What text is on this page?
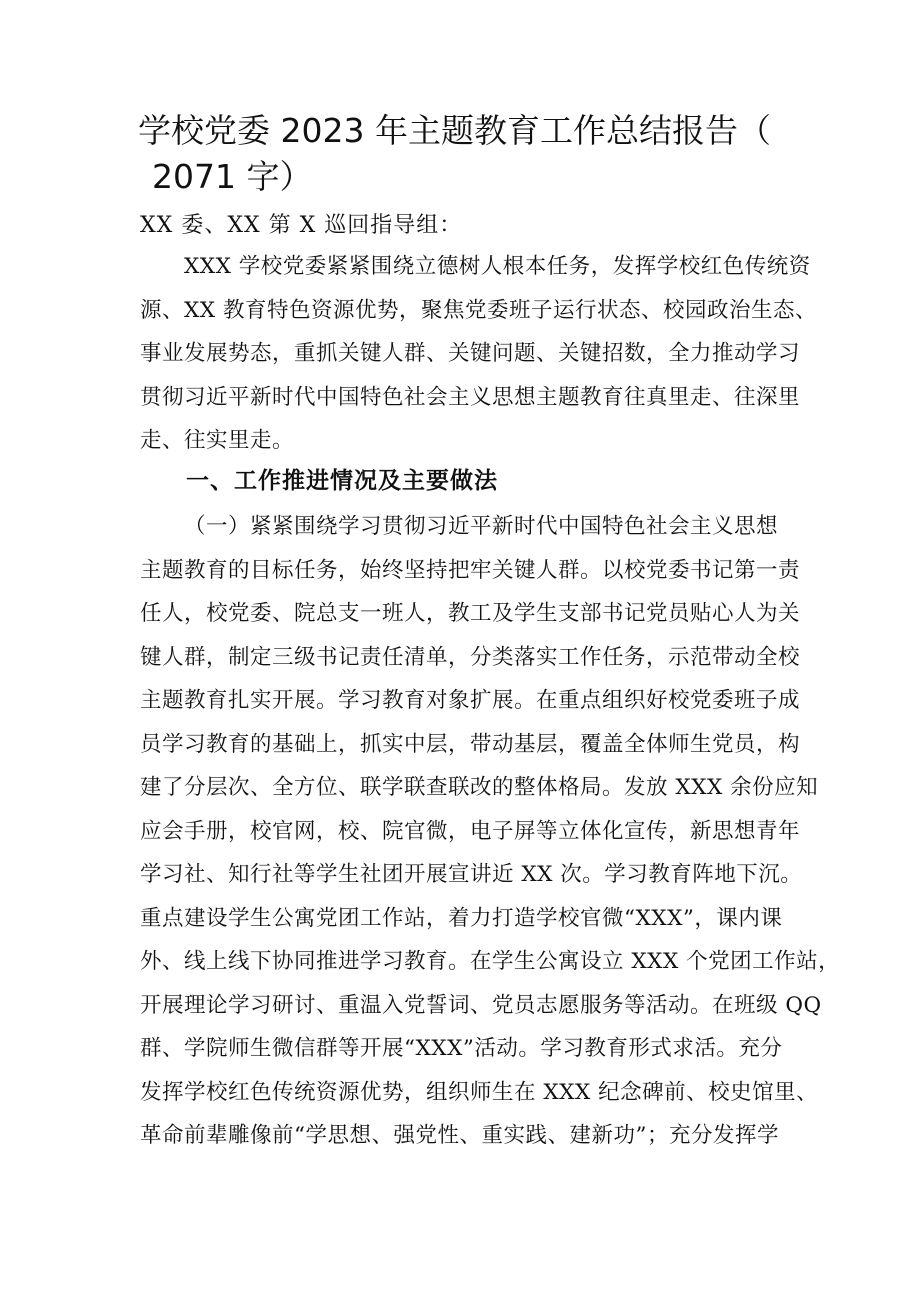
学校党委 2023 年主题教育工作总结报告（
2071 字）
XX 委、XX 第 X 巡回指导组：
XXX 学校党委紧紧围绕立德树人根本任务，发挥学校红色传统资
源、XX 教育特色资源优势，聚焦党委班子运行状态、校园政治生态、
事业发展势态，重抓关键人群、关键问题、关键招数，全力推动学习
贯彻习近平新时代中国特色社会主义思想主题教育往真里走、往深里
走、往实里走。
一、工作推进情况及主要做法
（一）紧紧围绕学习贯彻习近平新时代中国特色社会主义思想
主题教育的目标任务，始终坚持把牢关键人群。以校党委书记第一责
任人，校党委、院总支一班人，教工及学生支部书记党员贴心人为关
键人群，制定三级书记责任清单，分类落实工作任务，示范带动全校
主题教育扎实开展。学习教育对象扩展。在重点组织好校党委班子成
员学习教育的基础上，抓实中层，带动基层，覆盖全体师生党员，构
建了分层次、全方位、联学联查联改的整体格局。发放 XXX 余份应知
应会手册，校官网，校、院官微，电子屏等立体化宣传，新思想青年
学习社、知行社等学生社团开展宣讲近 XX 次。学习教育阵地下沉。
重点建设学生公寓党团工作站，着力打造学校官微“XXX”，课内课
外、线上线下协同推进学习教育。在学生公寓设立 XXX 个党团工作站，
开展理论学习研讨、重温入党誓词、党员志愿服务等活动。在班级 QQ
群、学院师生微信群等开展“XXX”活动。学习教育形式求活。充分
发挥学校红色传统资源优势，组织师生在 XXX 纪念碑前、校史馆里、
革命前辈雕像前“学思想、强党性、重实践、建新功”；充分发挥学
